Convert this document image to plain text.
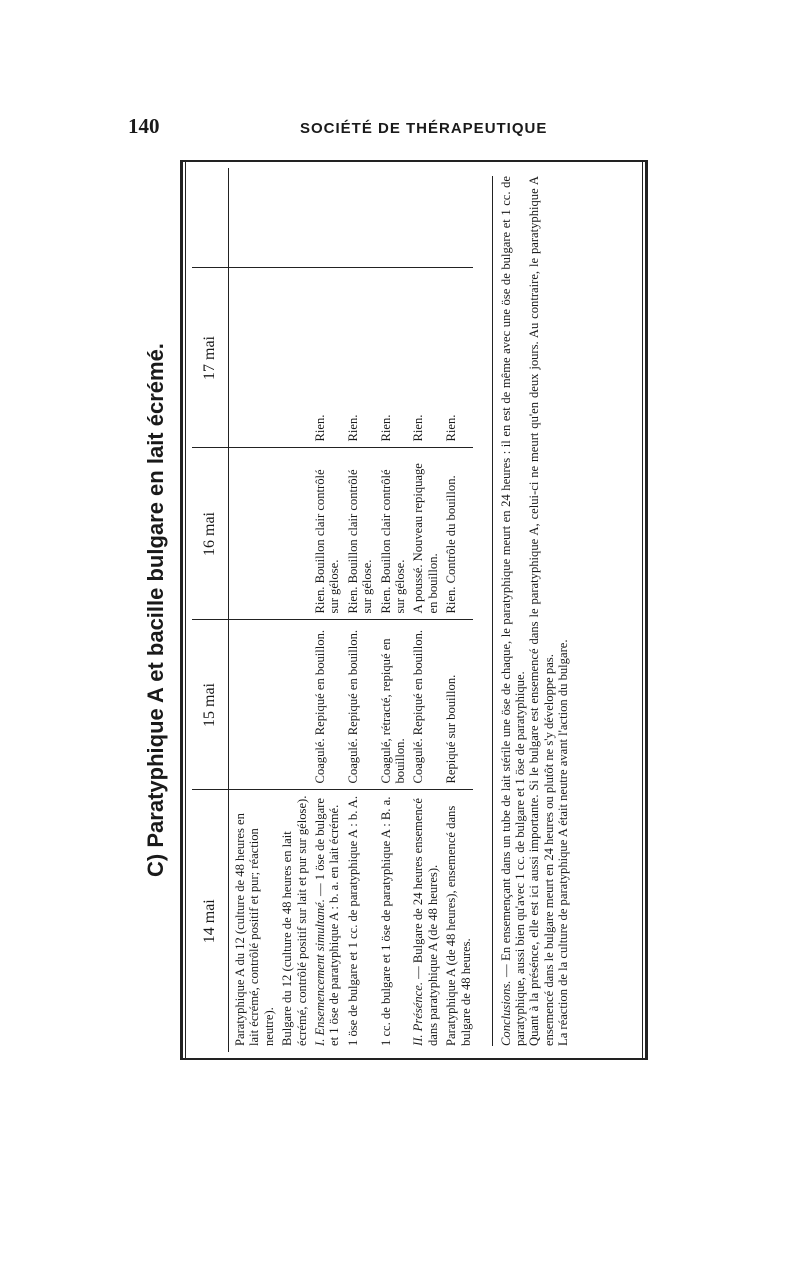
140	SOCIÉTÉ DE THÉRAPEUTIQUE
C) Paratyphique A et bacille bulgare en lait écrémé.
14 mai	15 mai	16 mai	17 mai	
Paratyphique A du 12 (culture de 48 heures en lait écrémé, contrôlé positif et pur; réaction neutre).				
Bulgare du 12 (culture de 48 heures en lait écrémé, contrôlé positif sur lait et pur sur gélose).				
I. Ensemencement simultané. — 1 öse de bulgare et 1 öse de paratyphique A : b. a. en lait écrémé.	Coagulé. Repiqué en bouillon.	Rien. Bouillon clair contrôlé sur gélose.	Rien.	
1 öse de bulgare et 1 cc. de paratyphique A : b. A.	Coagulé. Repiqué en bouillon.	Rien. Bouillon clair contrôlé sur gélose.	Rien.	
1 cc. de bulgare et 1 öse de paratyphique A : B. a.	Coagulé, rétracté, repiqué en bouillon.	Rien. Bouillon clair contrôlé sur gélose.	Rien.	
II. Présénce. — Bulgare de 24 heures ensemencé dans paratyphique A (de 48 heures).	Coagulé. Repiqué en bouillon.	A poussé. Nouveau repiquage en bouillon.	Rien.	
Paratyphique A (de 48 heures), ensemencé dans bulgare de 48 heures.	Repiqué sur bouillon.	Rien. Contrôle du bouillon.	Rien.	

Conclusions. — En ensemençant dans un tube de lait stérile une öse de chaque, le paratyphique meurt en 24 heures : il en est de même avec une öse de bulgare et 1 cc. de paratyphique, aussi bien qu'avec 1 cc. de bulgare et 1 öse de paratyphique. Quant à la présénce, elle est ici aussi importante. Si le bulgare est ensemencé dans le paratyphique A, celui-ci ne meurt qu'en deux jours. Au contraire, le paratyphique A ensemencé dans le bulgare meurt en 24 heures ou plutôt ne s'y développe pas. La réaction de la culture de paratyphique A était neutre avant l'action du bulgare.
